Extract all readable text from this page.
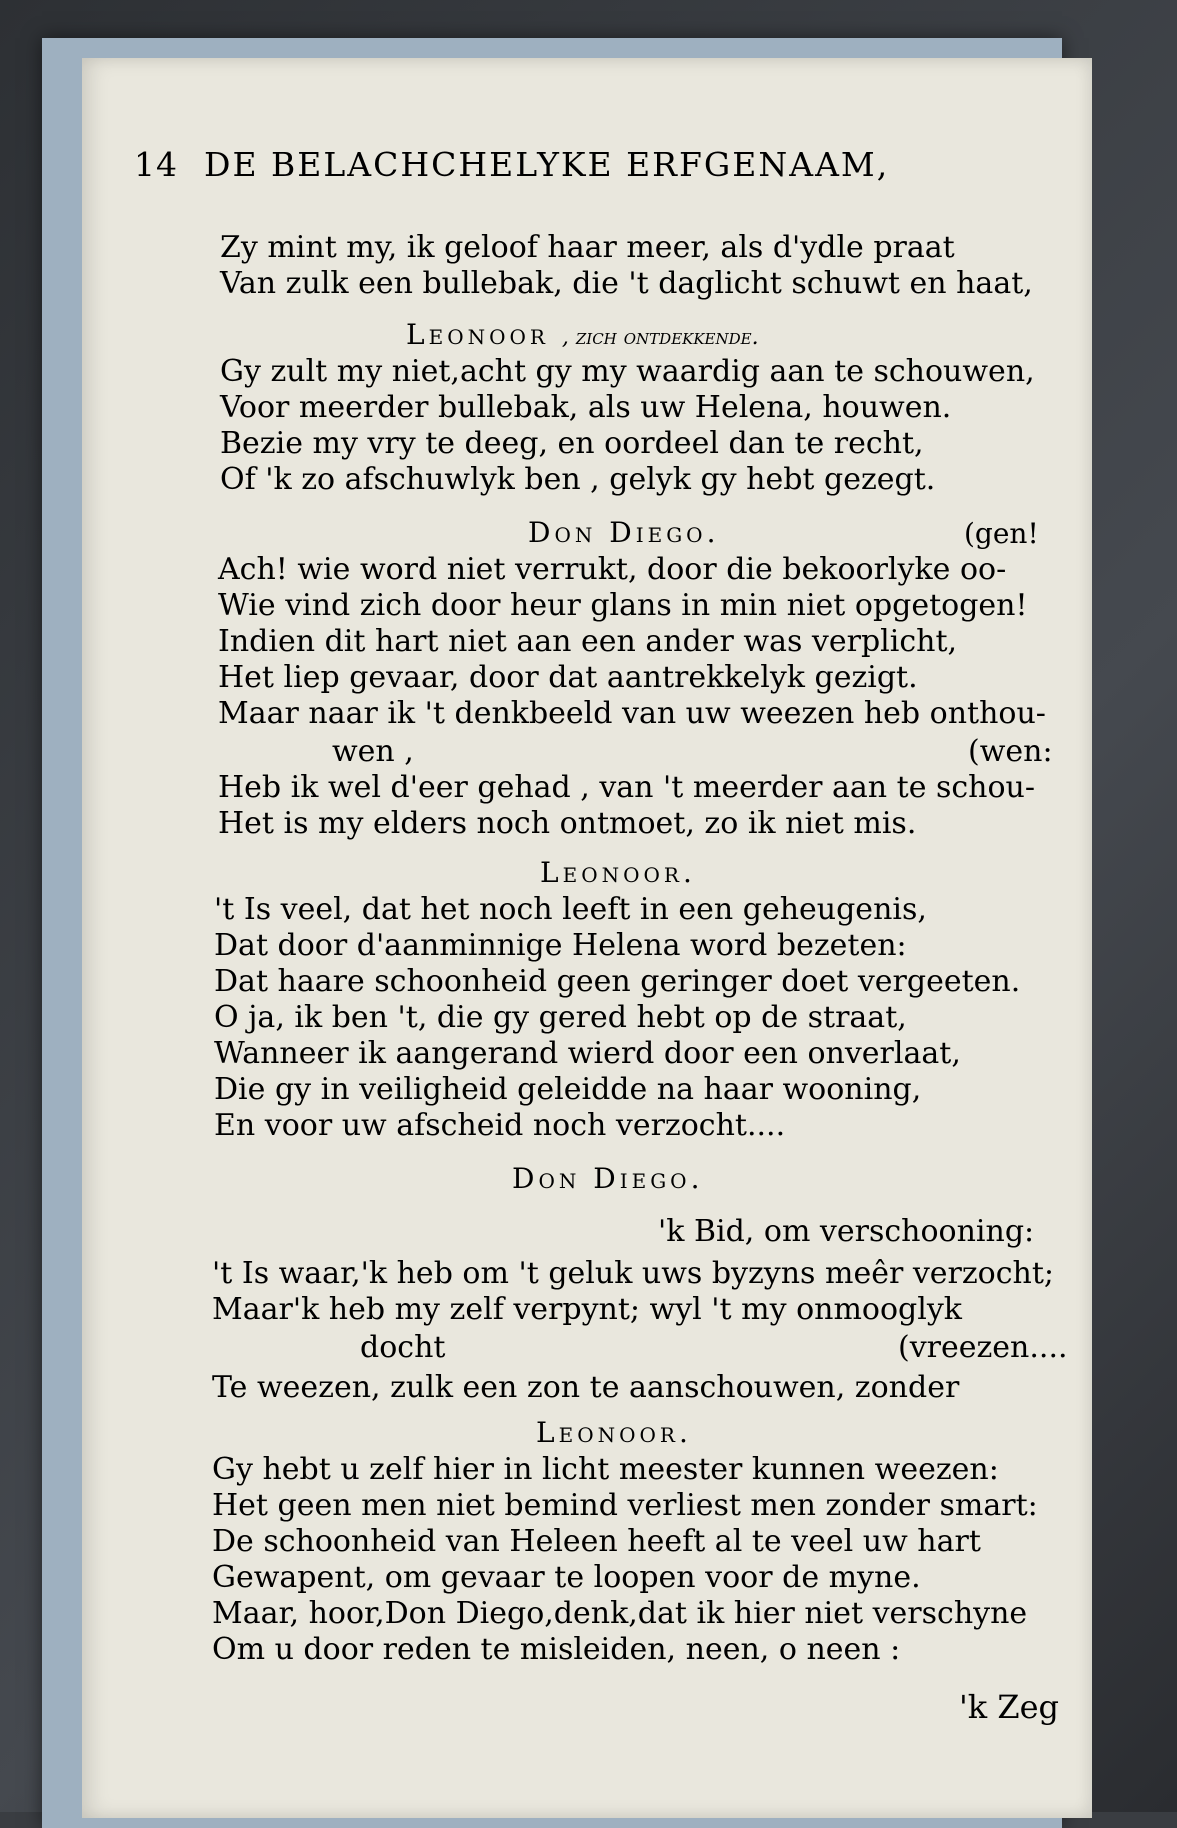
14 DE BELACHCHELYKE ERFGENAAM,
Zy mint my, ik geloof haar meer, als d'ydle praat
Van zulk een bullebak, die 't daglicht schuwt en haat,
Leonoor , zich ontdekkende.
Gy zult my niet,acht gy my waardig aan te schouwen,
Voor meerder bullebak, als uw Helena, houwen.
Bezie my vry te deeg, en oordeel dan te recht,
Of 'k zo afschuwlyk ben , gelyk gy hebt gezegt.
Don Diego.	(gen!
Ach! wie word niet verrukt, door die bekoorlyke oo-
Wie vind zich door heur glans in min niet opgetogen!
Indien dit hart niet aan een ander was verplicht,
Het liep gevaar, door dat aantrekkelyk gezigt.
Maar naar ik 't denkbeeld van uw weezen heb onthou-
wen ,	(wen:
Heb ik wel d'eer gehad , van 't meerder aan te schou-
Het is my elders noch ontmoet, zo ik niet mis.
Leonoor.
't Is veel, dat het noch leeft in een geheugenis,
Dat door d'aanminnige Helena word bezeten:
Dat haare schoonheid geen geringer doet vergeeten.
O ja, ik ben 't, die gy gered hebt op de straat,
Wanneer ik aangerand wierd door een onverlaat,
Die gy in veiligheid geleidde na haar wooning,
En voor uw afscheid noch verzocht....
Don Diego.
'k Bid, om verschooning:
't Is waar,'k heb om 't geluk uws byzyns meêr verzocht;
Maar'k heb my zelf verpynt; wyl 't my onmooglyk
docht	(vreezen....
Te weezen, zulk een zon te aanschouwen, zonder
Leonoor.
Gy hebt u zelf hier in licht meester kunnen weezen:
Het geen men niet bemind verliest men zonder smart:
De schoonheid van Heleen heeft al te veel uw hart
Gewapent, om gevaar te loopen voor de myne.
Maar, hoor,Don Diego,denk,dat ik hier niet verschyne
Om u door reden te misleiden, neen, o neen :
'k Zeg
